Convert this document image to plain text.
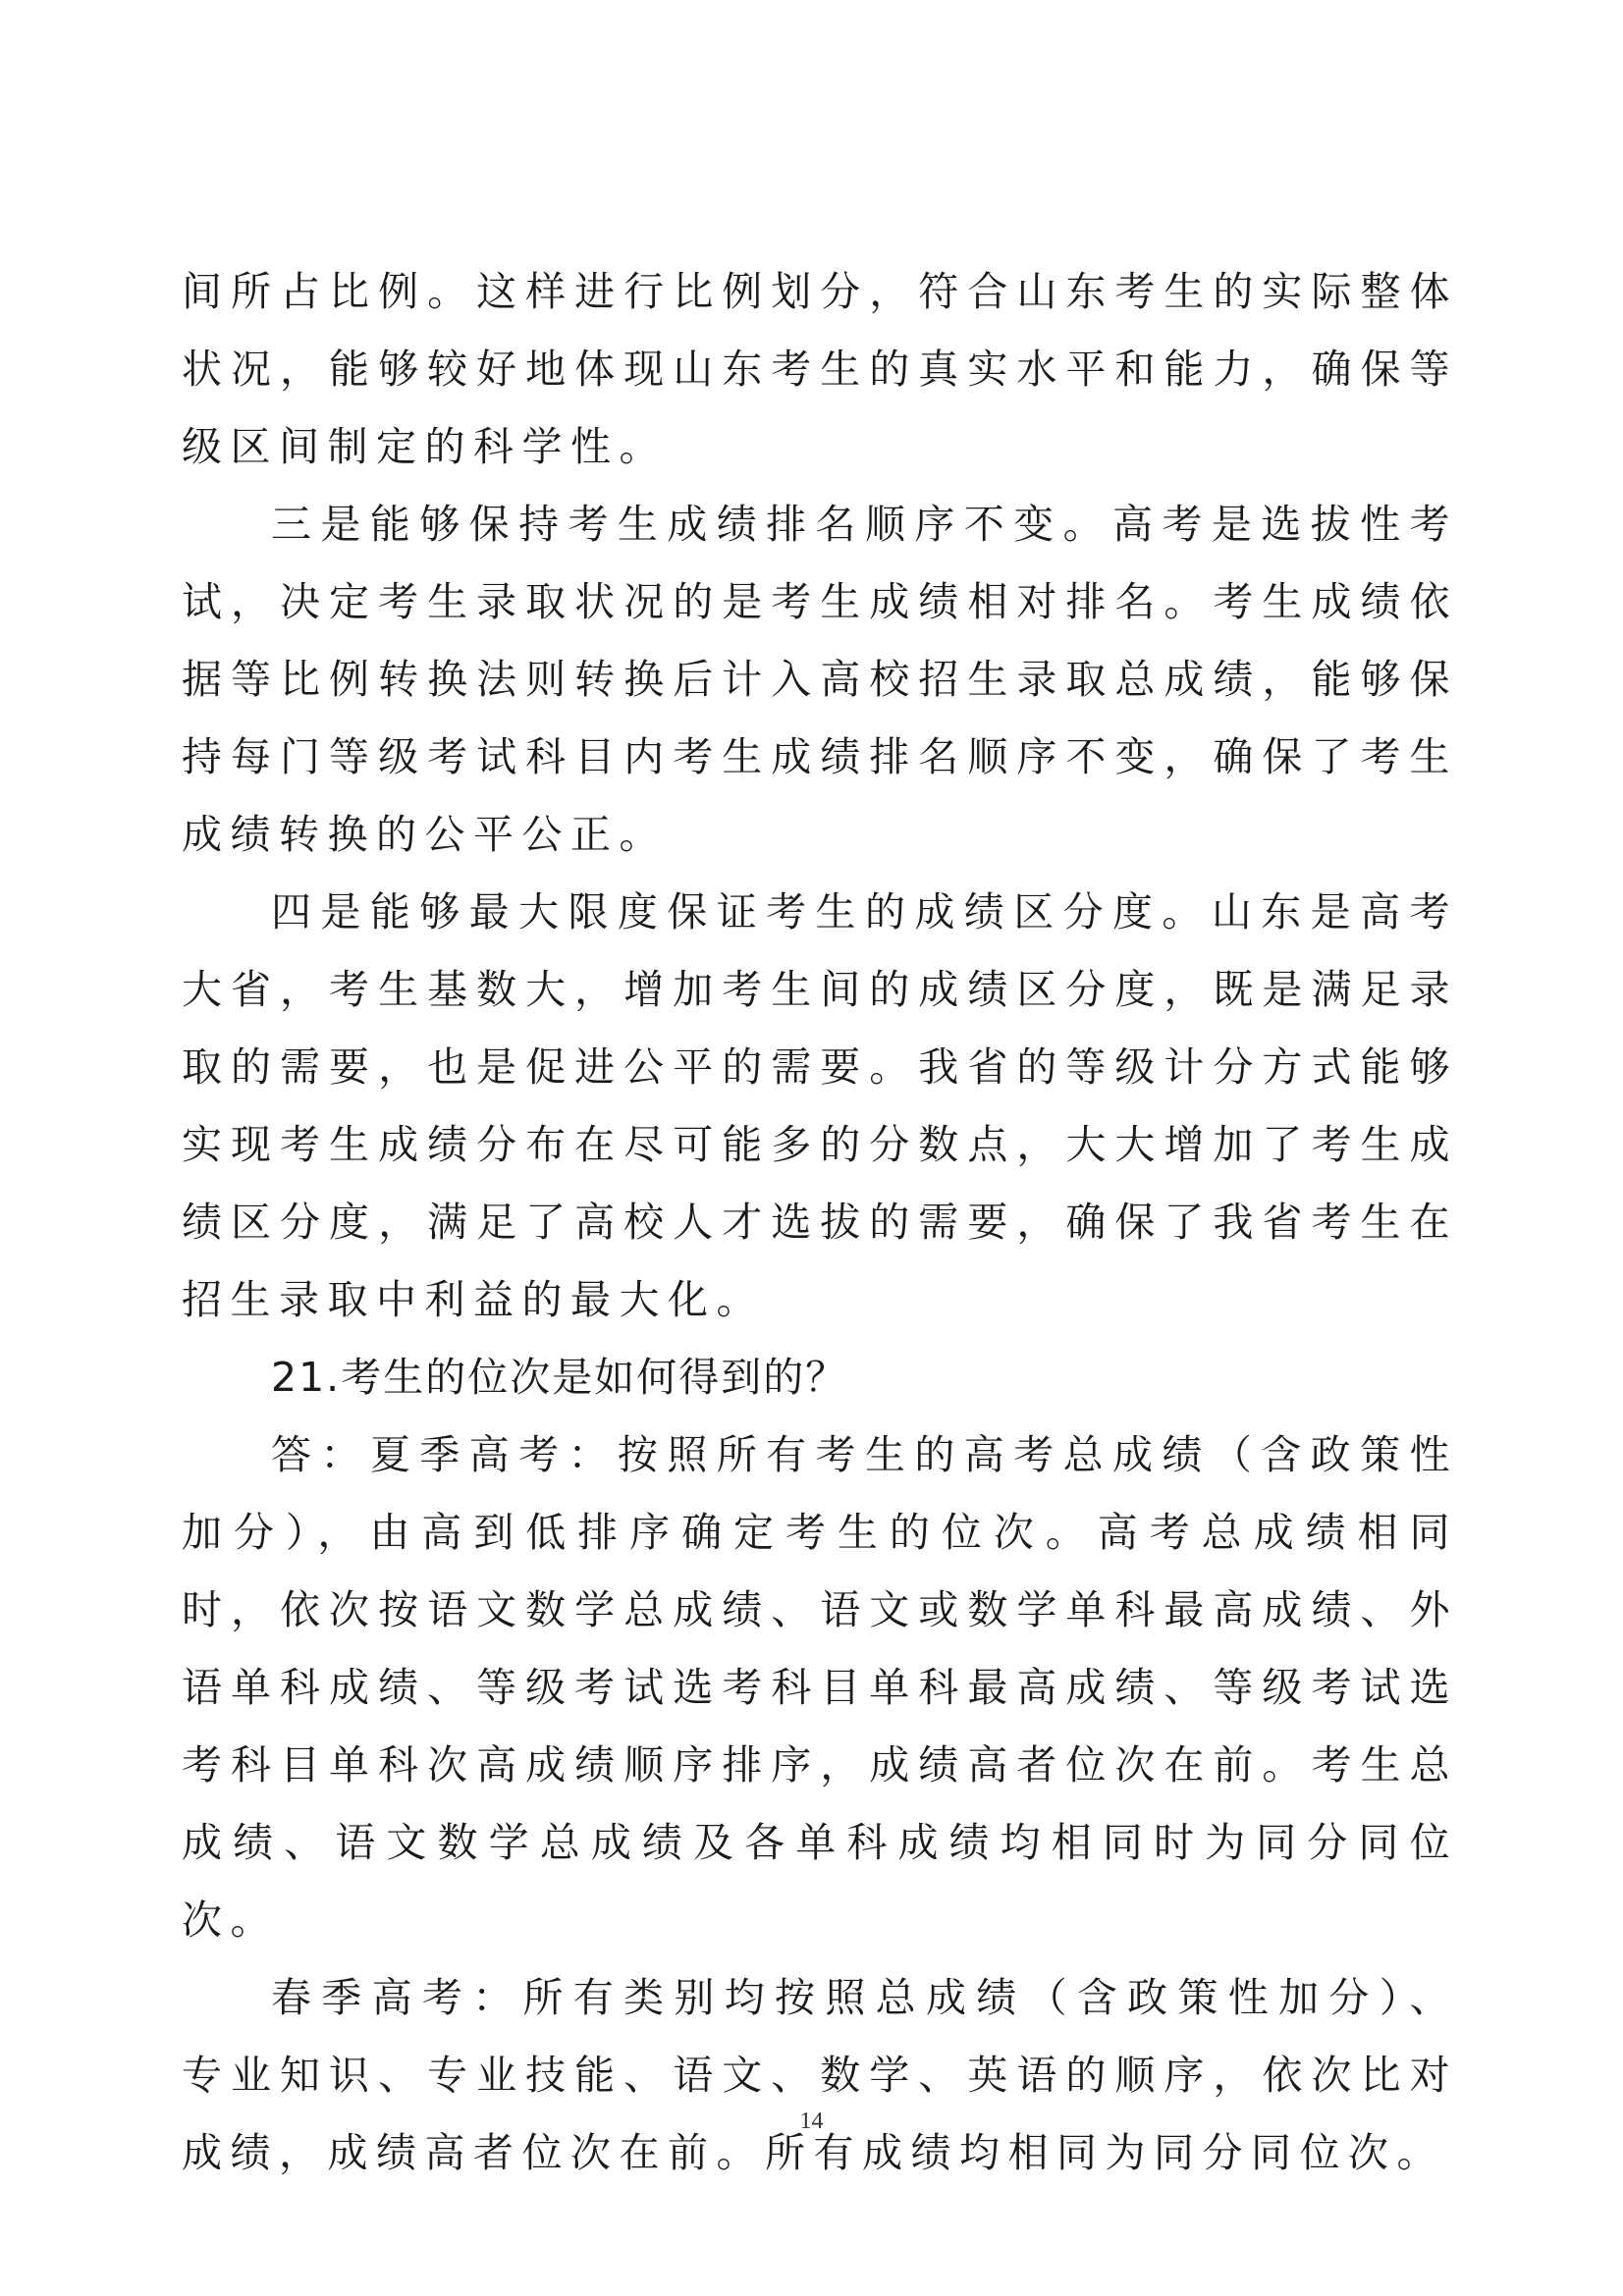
间所占比例。这样进行比例划分，符合山东考生的实际整体状况，能够较好地体现山东考生的真实水平和能力，确保等级区间制定的科学性。

三是能够保持考生成绩排名顺序不变。高考是选拔性考试，决定考生录取状况的是考生成绩相对排名。考生成绩依据等比例转换法则转换后计入高校招生录取总成绩，能够保持每门等级考试科目内考生成绩排名顺序不变，确保了考生成绩转换的公平公正。

四是能够最大限度保证考生的成绩区分度。山东是高考大省，考生基数大，增加考生间的成绩区分度，既是满足录取的需要，也是促进公平的需要。我省的等级计分方式能够实现考生成绩分布在尽可能多的分数点，大大增加了考生成绩区分度，满足了高校人才选拔的需要，确保了我省考生在招生录取中利益的最大化。

21.考生的位次是如何得到的？

答：夏季高考：按照所有考生的高考总成绩（含政策性加分），由高到低排序确定考生的位次。高考总成绩相同时，依次按语文数学总成绩、语文或数学单科最高成绩、外语单科成绩、等级考试选考科目单科最高成绩、等级考试选考科目单科次高成绩顺序排序，成绩高者位次在前。考生总成绩、语文数学总成绩及各单科成绩均相同时为同分同位次。

春季高考：所有类别均按照总成绩（含政策性加分）、专业知识、专业技能、语文、数学、英语的顺序，依次比对成绩，成绩高者位次在前。所有成绩均相同为同分同位次。

14
